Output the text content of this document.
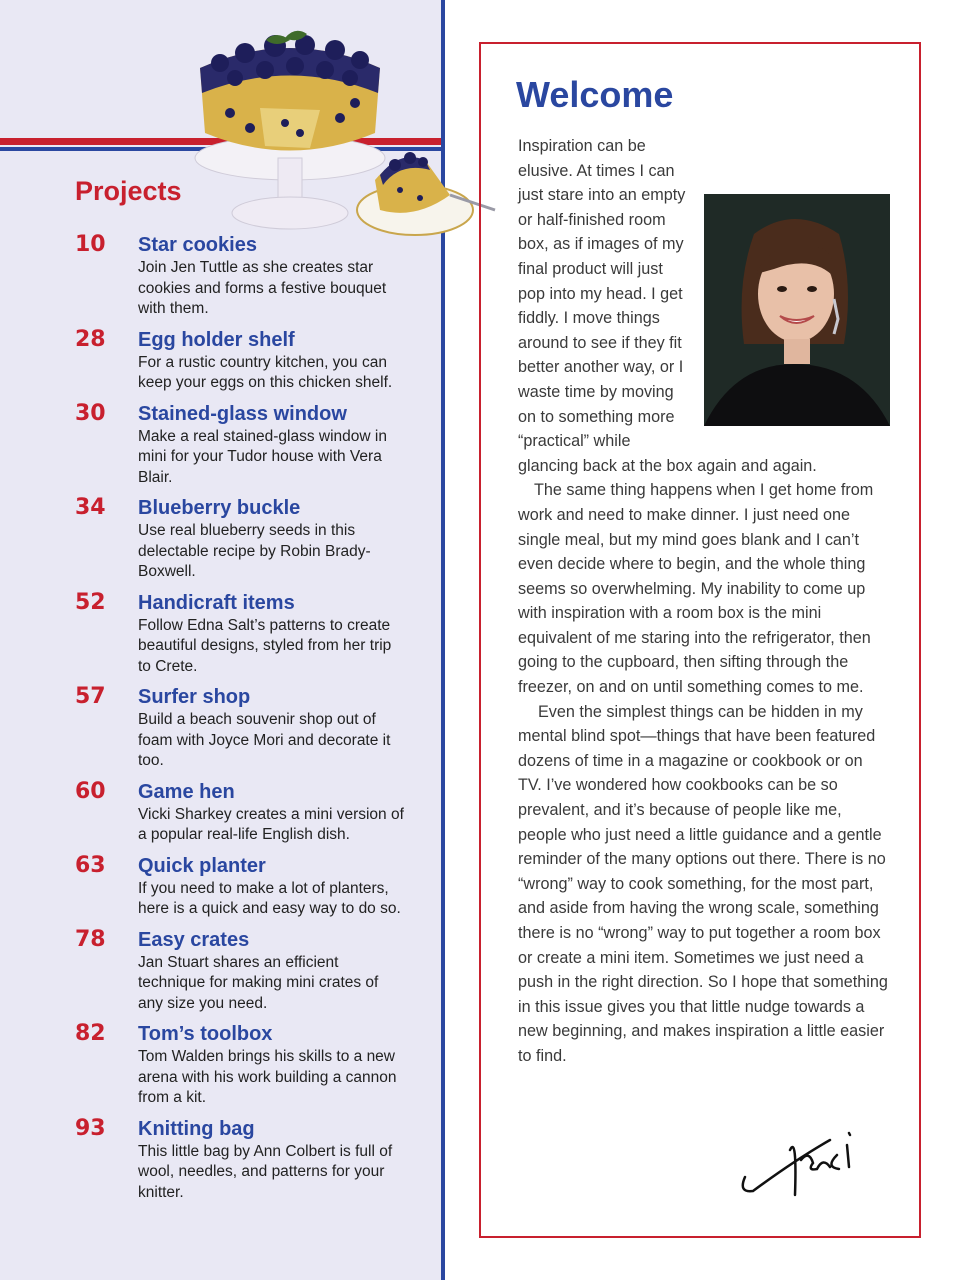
Projects
10 Star cookies
Join Jen Tuttle as she creates star cookies and forms a festive bouquet with them.
28 Egg holder shelf
For a rustic country kitchen, you can keep your eggs on this chicken shelf.
30 Stained-glass window
Make a real stained-glass window in mini for your Tudor house with Vera Blair.
34 Blueberry buckle
Use real blueberry seeds in this delectable recipe by Robin Brady-Boxwell.
52 Handicraft items
Follow Edna Salt’s patterns to create beautiful designs, styled from her trip to Crete.
57 Surfer shop
Build a beach souvenir shop out of foam with Joyce Mori and decorate it too.
60 Game hen
Vicki Sharkey creates a mini version of a popular real-life English dish.
63 Quick planter
If you need to make a lot of planters, here is a quick and easy way to do so.
78 Easy crates
Jan Stuart shares an efficient technique for making mini crates of any size you need.
82 Tom’s toolbox
Tom Walden brings his skills to a new arena with his work building a cannon from a kit.
93 Knitting bag
This little bag by Ann Colbert is full of wool, needles, and patterns for your knitter.
Welcome

Inspiration can be elusive. At times I can just stare into an empty or half-finished room box, as if images of my final product will just pop into my head. I get fiddly. I move things around to see if they fit better another way, or I waste time by moving on to something more “practical” while glancing back at the box again and again.

The same thing happens when I get home from work and need to make dinner. I just need one single meal, but my mind goes blank and I can’t even decide where to begin, and the whole thing seems so overwhelming. My inability to come up with inspiration with a room box is the mini equivalent of me staring into the refrigerator, then going to the cupboard, then sifting through the freezer, on and on until something comes to me.

Even the simplest things can be hidden in my mental blind spot—things that have been featured dozens of time in a magazine or cookbook or on TV. I’ve wondered how cookbooks can be so prevalent, and it’s because of people like me, people who just need a little guidance and a gentle reminder of the many options out there. There is no “wrong” way to cook something, for the most part, and aside from having the wrong scale, something there is no “wrong” way to put together a room box or create a mini item. Sometimes we just need a push in the right direction. So I hope that something in this issue gives you that little nudge towards a new beginning, and makes inspiration a little easier to find.
